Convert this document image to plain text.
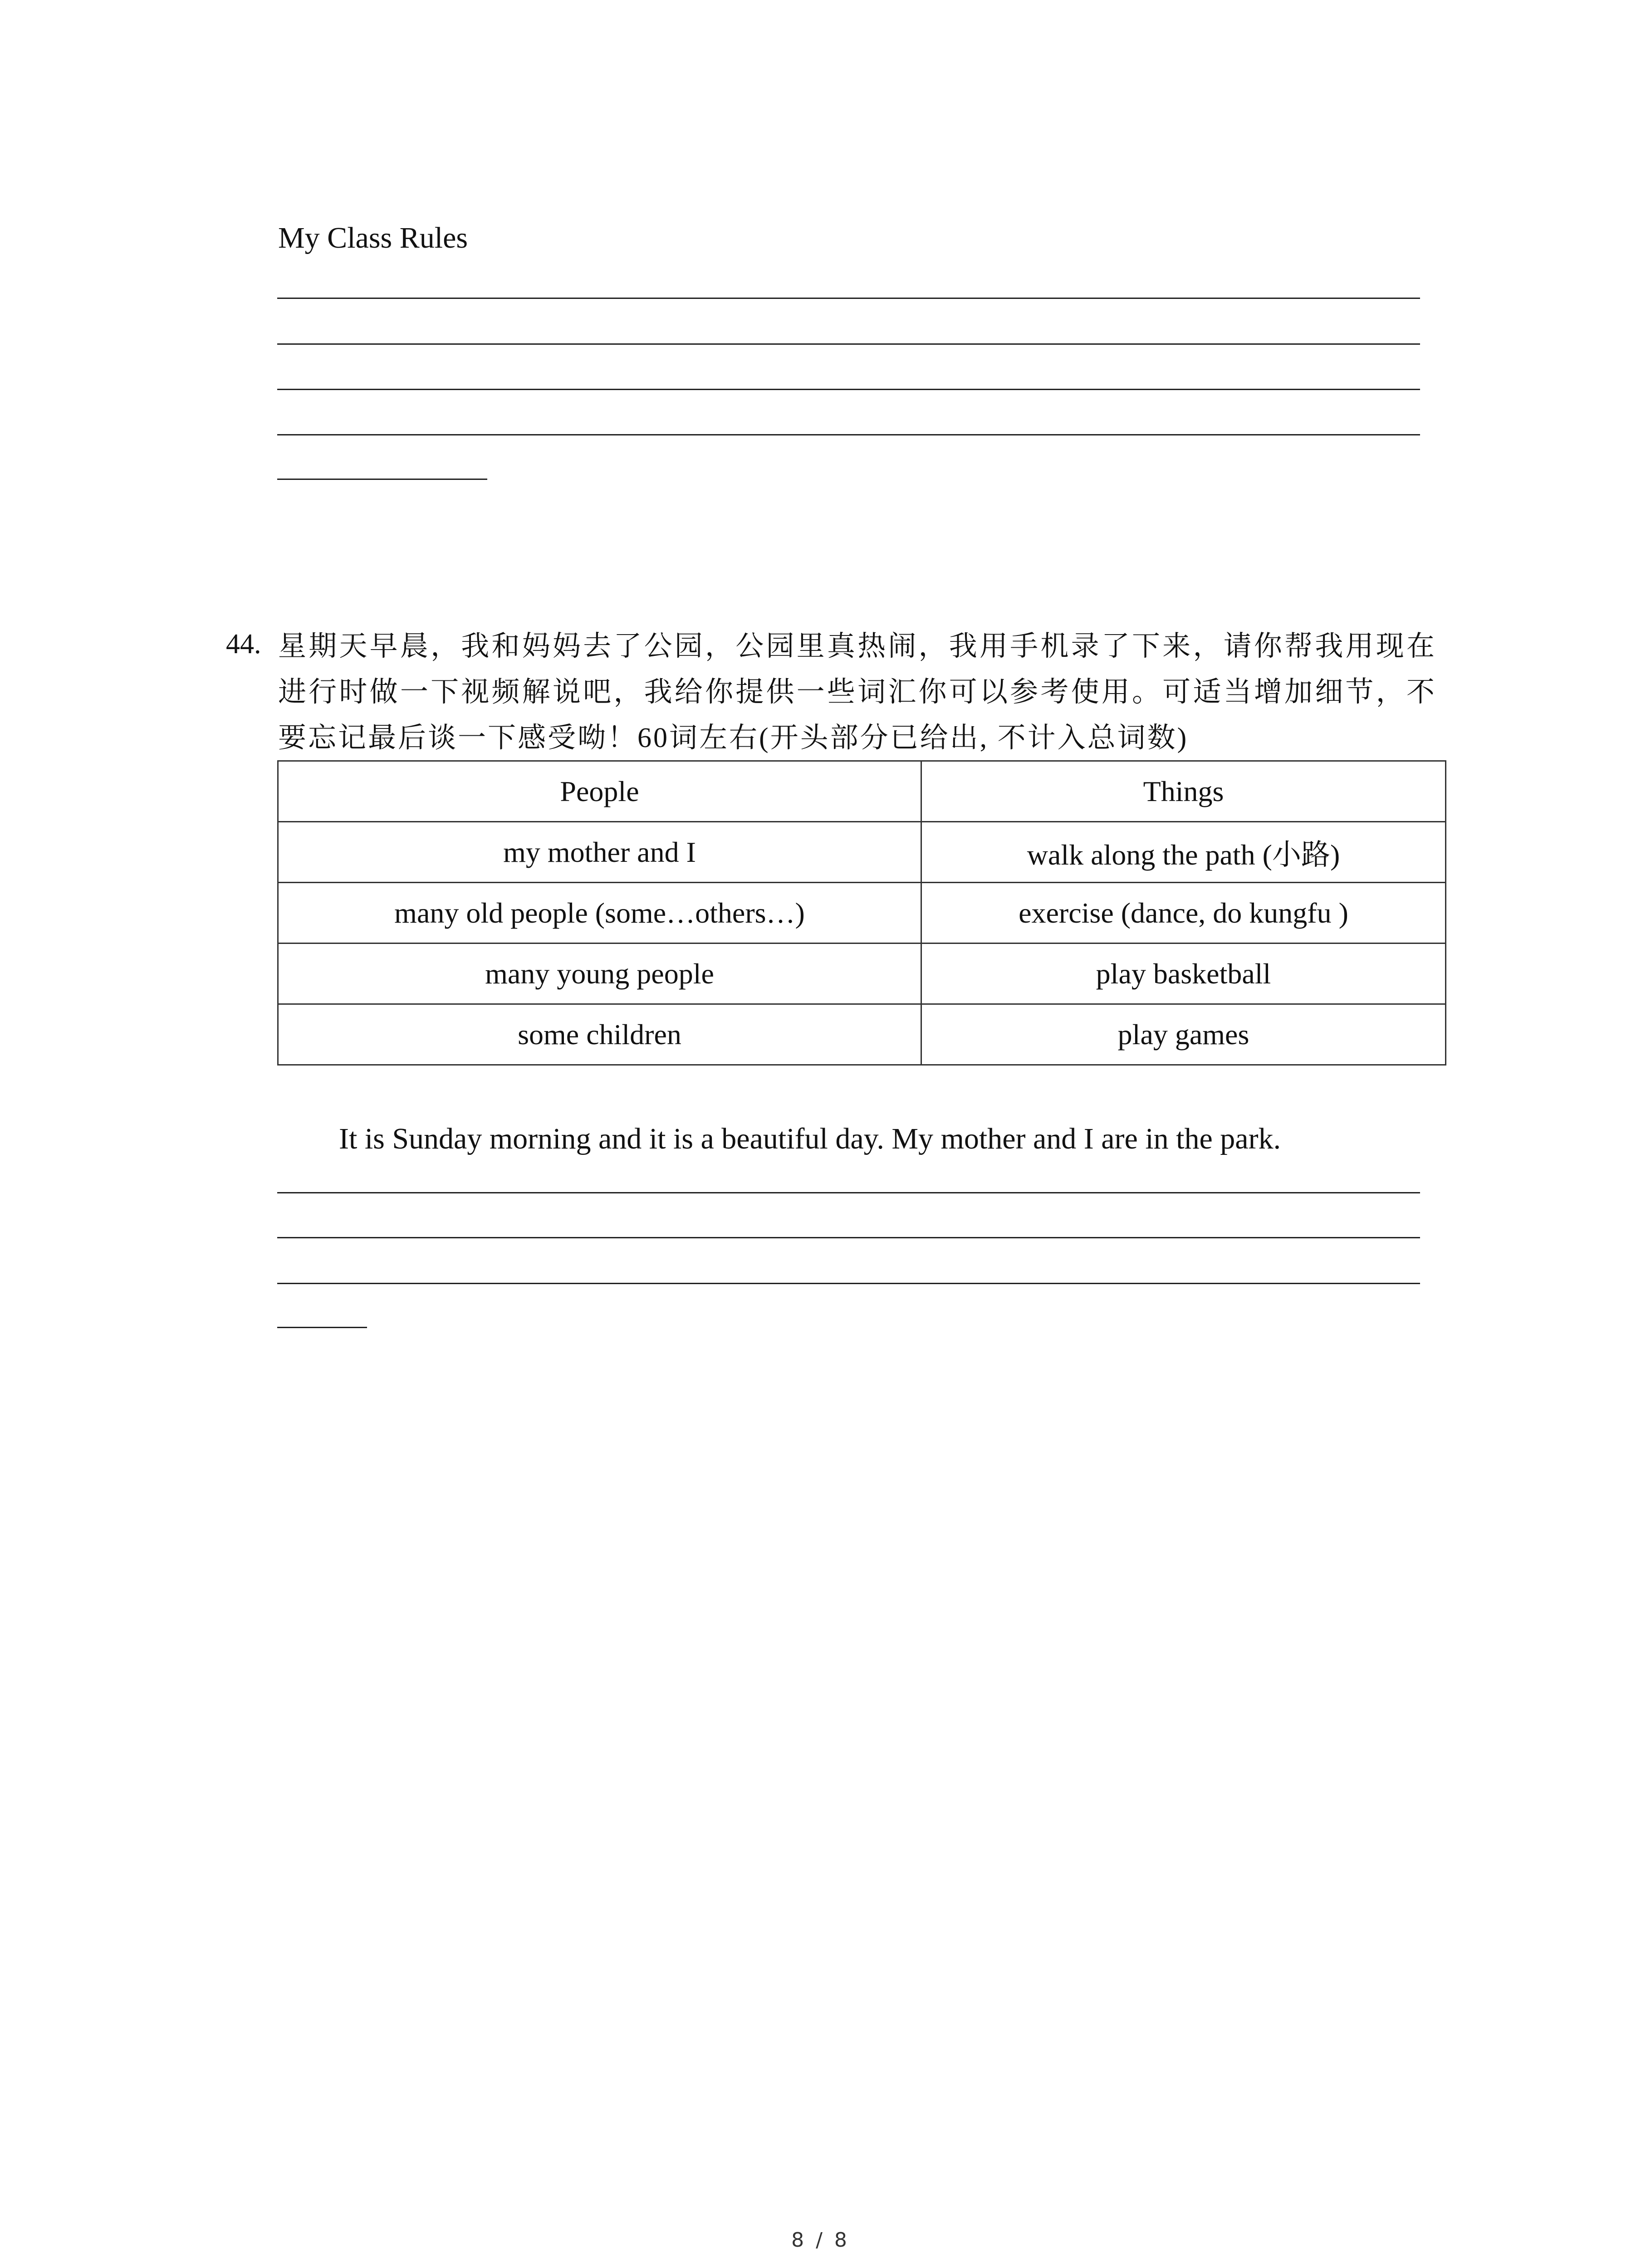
My Class Rules
44. 星期天早晨，我和妈妈去了公园，公园里真热闹，我用手机录了下来，请你帮我用现在进行时做一下视频解说吧，我给你提供一些词汇你可以参考使用。可适当增加细节，不要忘记最后谈一下感受呦！60词左右(开头部分已给出, 不计入总词数)
People	Things
my mother and I	walk along the path (小路)
many old people (some…others…)	exercise (dance, do kungfu )
many young people	play basketball
some children	play games
It is Sunday morning and it is a beautiful day. My mother and I are in the park.
8 / 8
